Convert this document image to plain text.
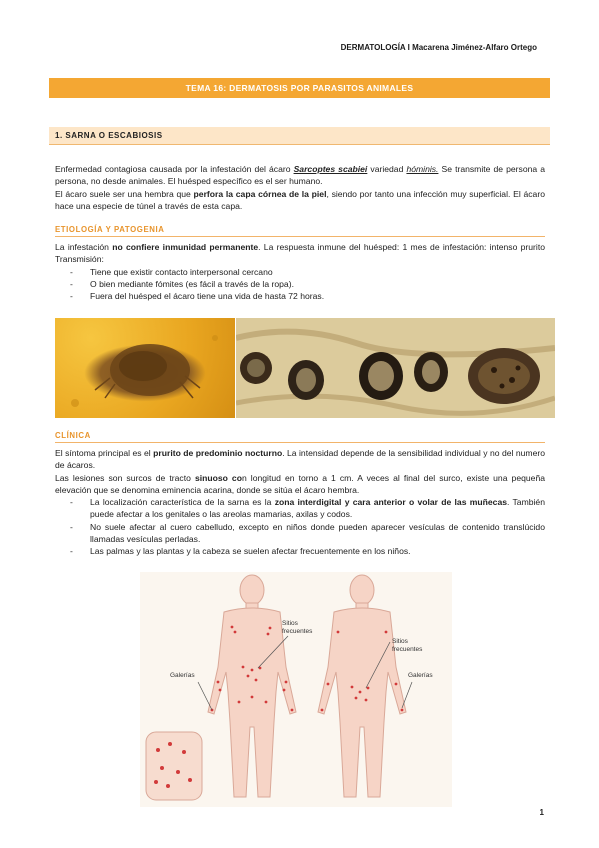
DERMATOLOGÍA I Macarena Jiménez-Alfaro Ortego
TEMA 16: DERMATOSIS POR PARASITOS ANIMALES
1. SARNA O ESCABIOSIS
Enfermedad contagiosa causada por la infestación del ácaro Sarcoptes scabiei variedad hóminis. Se transmite de persona a persona, no desde animales. El huésped específico es el ser humano.
El ácaro suele ser una hembra que perfora la capa córnea de la piel, siendo por tanto una infección muy superficial. El ácaro hace una especie de túnel a través de esta capa.
ETIOLOGÍA Y PATOGENIA
La infestación no confiere inmunidad permanente. La respuesta inmune del huésped: 1 mes de infestación: intenso prurito Transmisión:
- Tiene que existir contacto interpersonal cercano
- O bien mediante fómites (es fácil a través de la ropa).
- Fuera del huésped el ácaro tiene una vida de hasta 72 horas.
CLÍNICA
El síntoma principal es el prurito de predominio nocturno. La intensidad depende de la sensibilidad individual y no del numero de ácaros.
Las lesiones son surcos de tracto sinuoso con longitud en torno a 1 cm. A veces al final del surco, existe una pequeña elevación que se denomina eminencia acarina, donde se sitúa el ácaro hembra.
- La localización característica de la sarna es la zona interdigital y cara anterior o volar de las muñecas. También puede afectar a los genitales o las areolas mamarias, axilas y codos.
- No suele afectar al cuero cabelludo, excepto en niños donde pueden aparecer vesículas de contenido translúcido llamadas vesículas perladas.
- Las palmas y las plantas y la cabeza se suelen afectar frecuentemente en los niños.
Sitios frecuentes
Galerías
Sitios frecuentes
Galerías
1
